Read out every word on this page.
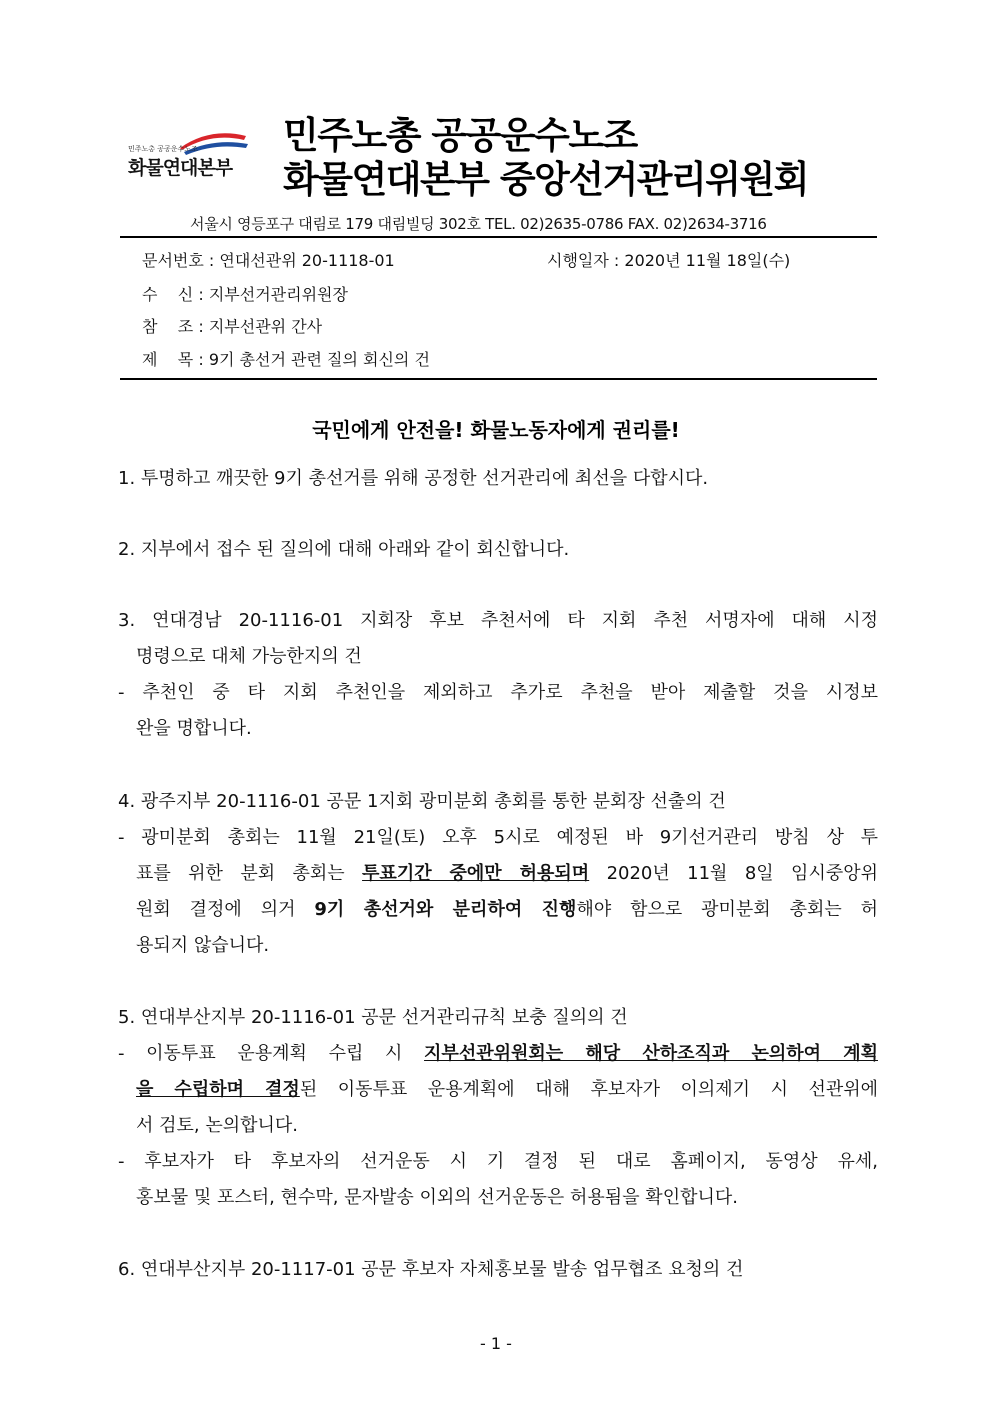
민주노총 공공운수노조
화물연대본부
민주노총 공공운수노조
화물연대본부 중앙선거관리위원회
서울시 영등포구 대림로 179 대림빌딩 302호 TEL. 02)2635-0786 FAX. 02)2634-3716
문서번호 : 연대선관위 20-1118-01	시행일자 : 2020년 11월 18일(수)
수    신 : 지부선거관리위원장
참    조 : 지부선관위 간사
제    목 : 9기 총선거 관련 질의 회신의 건
국민에게 안전을! 화물노동자에게 권리를!

1. 투명하고 깨끗한 9기 총선거를 위해 공정한 선거관리에 최선을 다합시다.

2. 지부에서 접수 된 질의에 대해 아래와 같이 회신합니다.

3. 연대경남 20-1116-01 지회장 후보 추천서에 타 지회 추천 서명자에 대해 시정

명령으로 대체 가능한지의 건

- 추천인 중 타 지회 추천인을 제외하고 추가로 추천을 받아 제출할 것을 시정보

완을 명합니다.

4. 광주지부 20-1116-01 공문 1지회 광미분회 총회를 통한 분회장 선출의 건

- 광미분회 총회는 11월 21일(토) 오후 5시로 예정된 바 9기선거관리 방침 상 투

표를 위한 분회 총회는 투표기간 중에만 허용되며 2020년 11월 8일 임시중앙위

원회 결정에 의거 9기 총선거와 분리하여 진행해야 함으로 광미분회 총회는 허

용되지 않습니다.

5. 연대부산지부 20-1116-01 공문 선거관리규칙 보충 질의의 건

- 이동투표 운용계획 수립 시 지부선관위원회는 해당 산하조직과 논의하여 계획

을 수립하며 결정된 이동투표 운용계획에 대해 후보자가 이의제기 시 선관위에

서 검토, 논의합니다.

- 후보자가 타 후보자의 선거운동 시 기 결정 된 대로 홈페이지, 동영상 유세,

홍보물 및 포스터, 현수막, 문자발송 이외의 선거운동은 허용됨을 확인합니다.

6. 연대부산지부 20-1117-01 공문 후보자 자체홍보물 발송 업무협조 요청의 건

- 1 -
